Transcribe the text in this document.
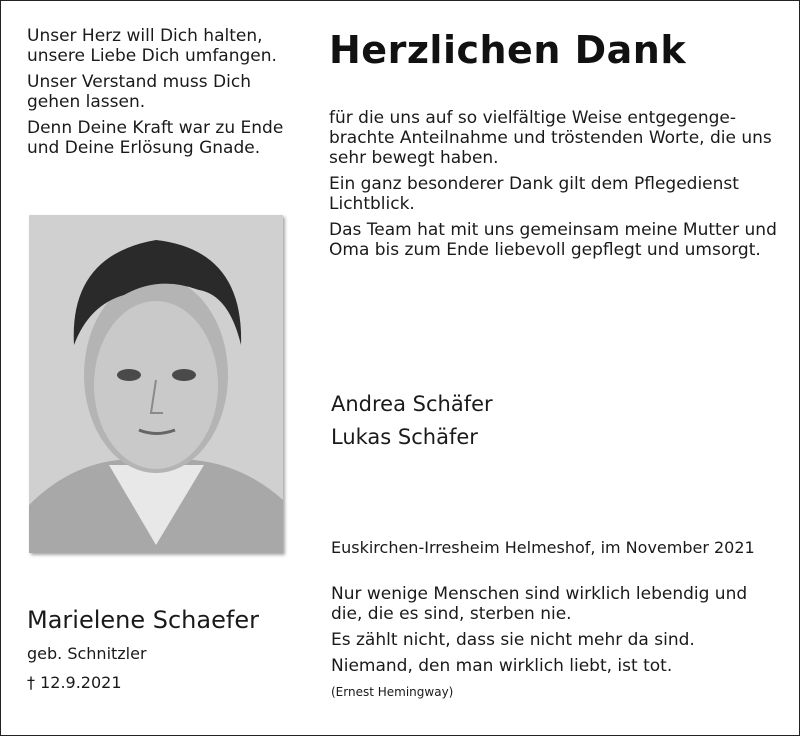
Unser Herz will Dich halten, unsere Liebe Dich umfangen.

Unser Verstand muss Dich gehen lassen.

Denn Deine Kraft war zu Ende und Deine Erlösung Gnade.

Herzlichen Dank

für die uns auf so vielfältige Weise entgegenge-brachte Anteilnahme und tröstenden Worte, die uns sehr bewegt haben.

Ein ganz besonderer Dank gilt dem Pflegedienst Lichtblick.

Das Team hat mit uns gemeinsam meine Mutter und Oma bis zum Ende liebevoll gepflegt und umsorgt.

Andrea Schäfer
Lukas Schäfer
Euskirchen-Irresheim Helmeshof, im November 2021

Nur wenige Menschen sind wirklich lebendig und die, die es sind, sterben nie.

Es zählt nicht, dass sie nicht mehr da sind.

Niemand, den man wirklich liebt, ist tot.

(Ernest Hemingway)
Marielene Schaefer
geb. Schnitzler
† 12.9.2021
